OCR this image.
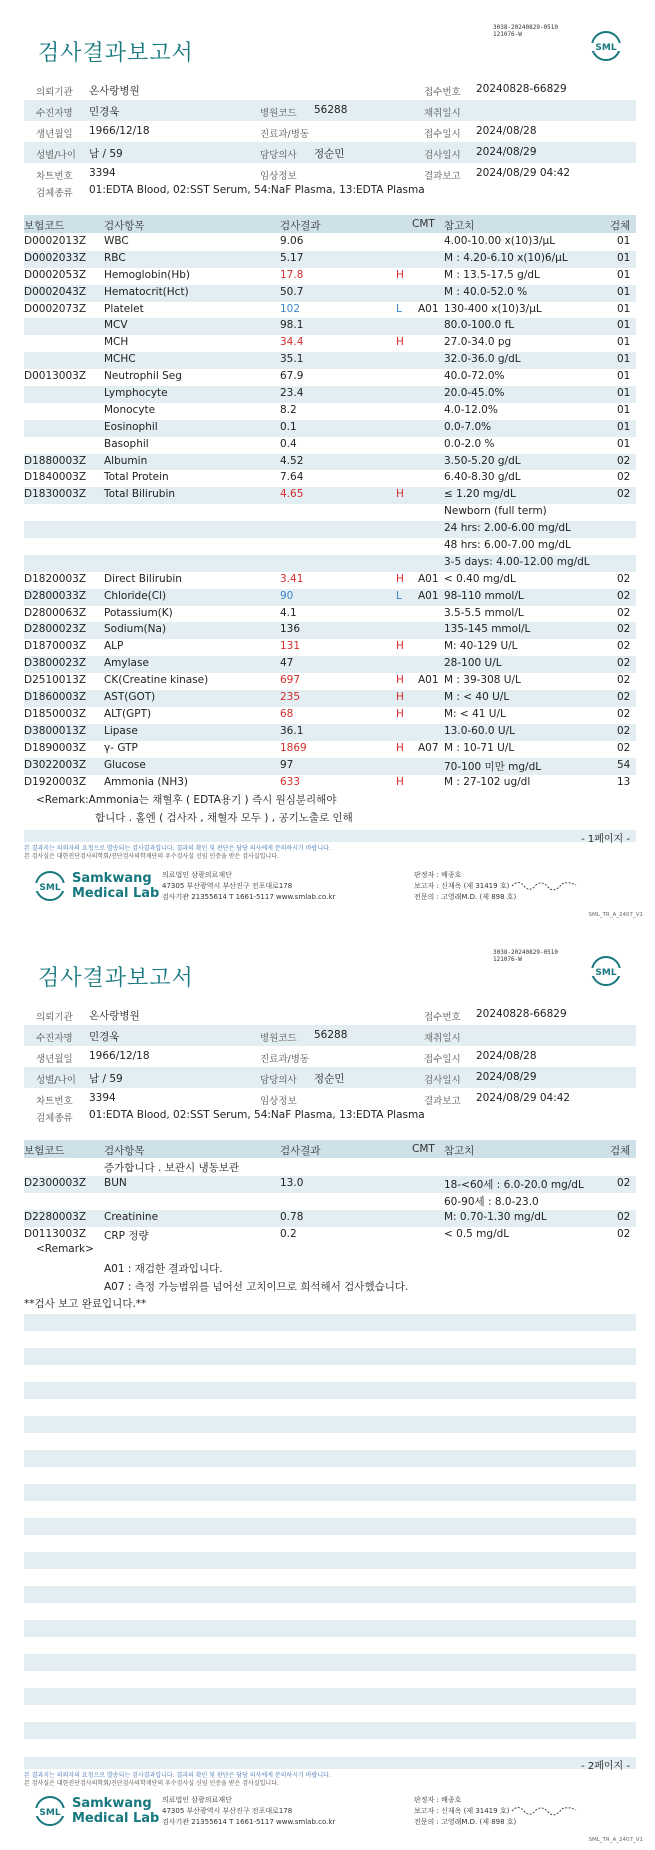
검사결과보고서
3038-20240829-0510
121076-W
SML
의뢰기관 온사랑병원	접수번호 20240828-66829
수진자명 민경욱	병원코드 56288	채취일시
생년월일 1966/12/18	진료과/병동	접수일시 2024/08/28
성별/나이 남 / 59	담당의사 정순민	검사일시 2024/08/29
차트번호 3394	임상정보	결과보고 2024/08/29 04:42
검체종류 01:EDTA Blood, 02:SST Serum, 54:NaF Plasma, 13:EDTA Plasma
보험코드	검사항목	검사결과	CMT 참고치	검체
D0002013Z WBC	9.06	4.00-10.00 x(10)3/μL	01
D0002033Z RBC	5.17	M : 4.20-6.10 x(10)6/μL	01
D0002053Z Hemoglobin(Hb)	17.8	H	M : 13.5-17.5 g/dL	01
D0002043Z Hematocrit(Hct)	50.7	M : 40.0-52.0 %	01
D0002073Z Platelet	102	L A01 130-400 x(10)3/μL	01
MCV	98.1	80.0-100.0 fL	01
MCH	34.4	H	27.0-34.0 pg	01
MCHC	35.1	32.0-36.0 g/dL	01
D0013003Z Neutrophil Seg	67.9	40.0-72.0%	01
Lymphocyte	23.4	20.0-45.0%	01
Monocyte	8.2	4.0-12.0%	01
Eosinophil	0.1	0.0-7.0%	01
Basophil	0.4	0.0-2.0 %	01
D1880003Z Albumin	4.52	3.50-5.20 g/dL	02
D1840003Z Total Protein	7.64	6.40-8.30 g/dL	02
D1830003Z Total Bilirubin	4.65	H	≤ 1.20 mg/dL	02
Newborn (full term)
24 hrs: 2.00-6.00 mg/dL
48 hrs: 6.00-7.00 mg/dL
3-5 days: 4.00-12.00 mg/dL
D1820003Z Direct Bilirubin	3.41	H A01 < 0.40 mg/dL	02
D2800033Z Chloride(Cl)	90	L A01 98-110 mmol/L	02
D2800063Z Potassium(K)	4.1	3.5-5.5 mmol/L	02
D2800023Z Sodium(Na)	136	135-145 mmol/L	02
D1870003Z ALP	131	H	M: 40-129 U/L	02
D3800023Z Amylase	47	28-100 U/L	02
D2510013Z CK(Creatine kinase)	697	H A01 M : 39-308 U/L	02
D1860003Z AST(GOT)	235	H	M : < 40 U/L	02
D1850003Z ALT(GPT)	68	H	M: < 41 U/L	02
D3800013Z Lipase	36.1	13.0-60.0 U/L	02
D1890003Z γ- GTP	1869	H A07 M : 10-71 U/L	02
D3022003Z Glucose	97	70-100 미만 mg/dL	54
D1920003Z Ammonia (NH3)	633	H	M : 27-102 ug/dl	13
<Remark:Ammonia는 채혈후 ( EDTA용기 ) 즉시 원심분리해야
합니다 . 홀엔 ( 검사자 , 채혈자 모두 ) , 공기노출로 인해
- 1페이지 -
본 결과지는 의뢰자의 요청으로 발송되는 검사결과입니다. 결과의 확인 및 판단은 담당 의사에게 문의하시기 바랍니다.
본 검사실은 대한진단검사의학회/진단검사의학재단의 우수검사실 신임 인증을 받은 검사실입니다.
SML
Samkwang
Medical Lab
의료법인 삼광의료재단
47305 부산광역시 부산진구 전포대로178
검사기관 21355614 T 1661-5117 www.smlab.co.kr
판정자 : 배종호
보고자 : 신재옥 (제 31419 호)
전문의 : 고영래M.D. (제 898 호)
SML_TR_A_2407_V1
검사결과보고서
3038-20240829-0510
121076-W
SML
의뢰기관 온사랑병원	접수번호 20240828-66829
수진자명 민경욱	병원코드 56288	채취일시
생년월일 1966/12/18	진료과/병동	접수일시 2024/08/28
성별/나이 남 / 59	담당의사 정순민	검사일시 2024/08/29
차트번호 3394	임상정보	결과보고 2024/08/29 04:42
검체종류 01:EDTA Blood, 02:SST Serum, 54:NaF Plasma, 13:EDTA Plasma
보험코드	검사항목	검사결과	CMT 참고치	검체
증가합니다 . 보관시 냉동보관
D2300003Z BUN	13.0	18-<60세 : 6.0-20.0 mg/dL	02
60-90세 : 8.0-23.0
D2280003Z Creatinine	0.78	M: 0.70-1.30 mg/dL	02
D0113003Z CRP 정량	0.2	< 0.5 mg/dL	02
<Remark>
A01 : 재검한 결과입니다.
A07 : 측정 가능범위를 넘어선 고치이므로 희석해서 검사했습니다.
**검사 보고 완료입니다.**
- 2페이지 -
본 결과지는 의뢰자의 요청으로 발송되는 검사결과입니다. 결과의 확인 및 판단은 담당 의사에게 문의하시기 바랍니다.
본 검사실은 대한진단검사의학회/진단검사의학재단의 우수검사실 신임 인증을 받은 검사실입니다.
SML
Samkwang
Medical Lab
의료법인 삼광의료재단
47305 부산광역시 부산진구 전포대로178
검사기관 21355614 T 1661-5117 www.smlab.co.kr
판정자 : 배종호
보고자 : 신재옥 (제 31419 호)
전문의 : 고영래M.D. (제 898 호)
SML_TR_A_2407_V1
